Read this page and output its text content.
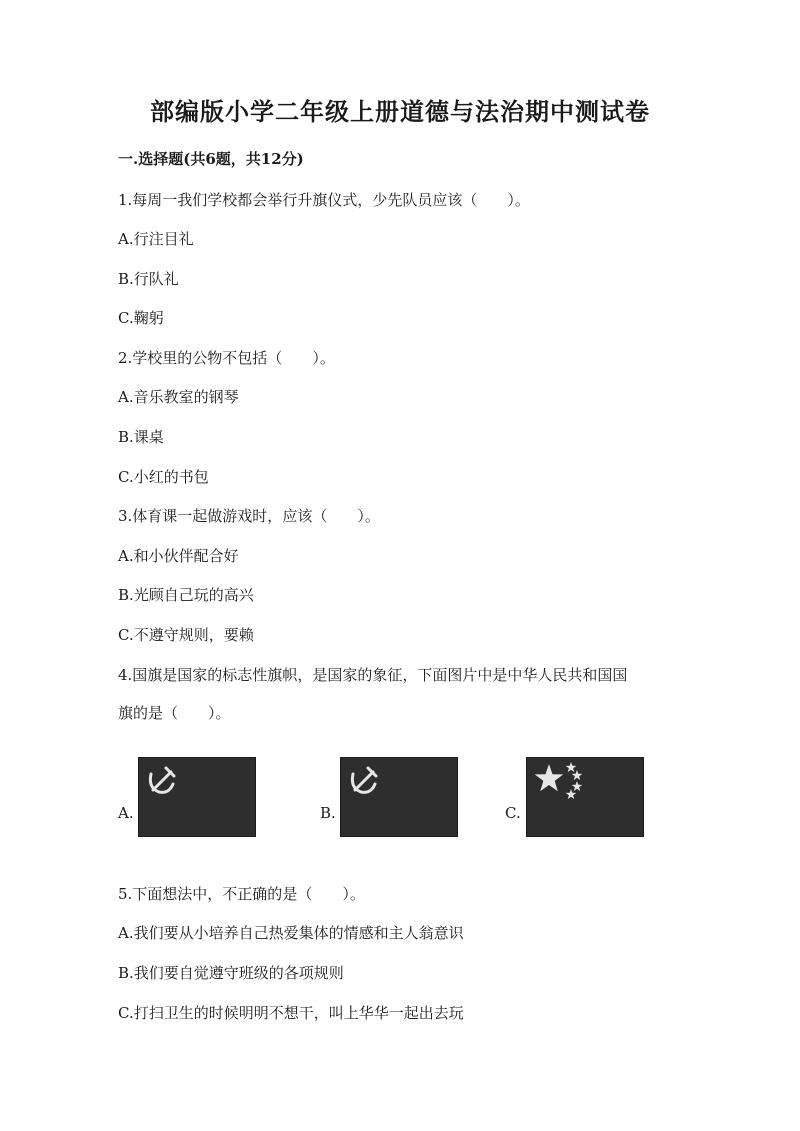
部编版小学二年级上册道德与法治期中测试卷
一.选择题(共6题，共12分)
1.每周一我们学校都会举行升旗仪式，少先队员应该（　　）。
A.行注目礼
B.行队礼
C.鞠躬
2.学校里的公物不包括（　　）。
A.音乐教室的钢琴
B.课桌
C.小红的书包
3.体育课一起做游戏时，应该（　　）。
A.和小伙伴配合好
B.光顾自己玩的高兴
C.不遵守规则，要赖
4.国旗是国家的标志性旗帜，是国家的象征，下面图片中是中华人民共和国国
旗的是（　　）。
A.	B.	C.
5.下面想法中，不正确的是（　　）。
A.我们要从小培养自己热爱集体的情感和主人翁意识
B.我们要自觉遵守班级的各项规则
C.打扫卫生的时候明明不想干，叫上华华一起出去玩
